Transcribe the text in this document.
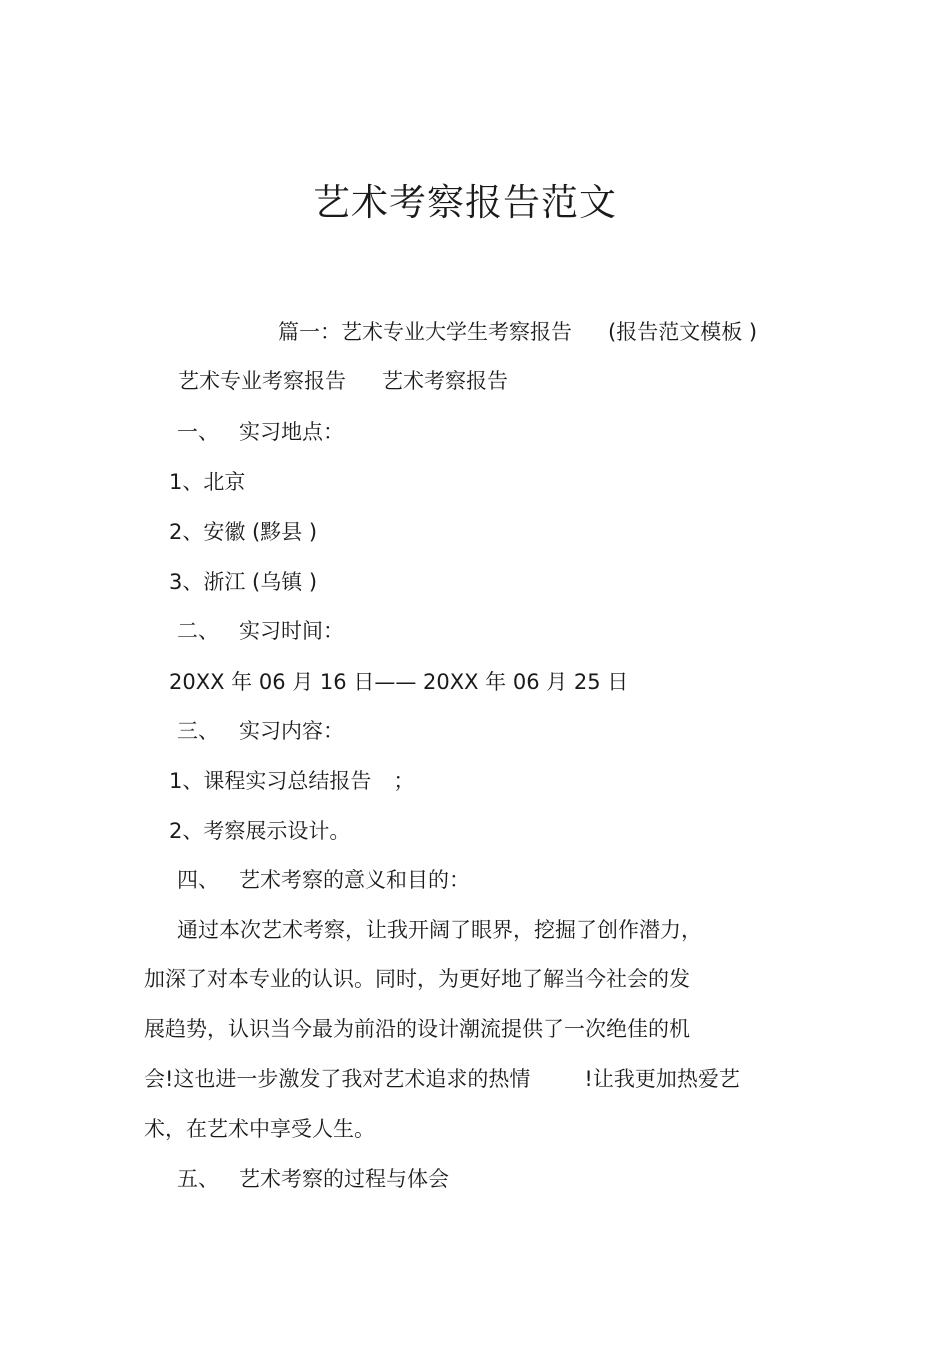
艺术考察报告范文
篇一：艺术专业大学生考察报告 (报告范文模板 )
艺术专业考察报告 艺术考察报告
一、 实习地点：
1、北京
2、安徽 (黟县 )
3、浙江 (乌镇 )
二、 实习时间：
20XX 年 06 月 16 日—— 20XX 年 06 月 25 日
三、 实习内容：
1、课程实习总结报告 ；
2、考察展示设计。
四、 艺术考察的意义和目的：
通过本次艺术考察，让我开阔了眼界，挖掘了创作潜力，
加深了对本专业的认识。同时，为更好地了解当今社会的发
展趋势，认识当今最为前沿的设计潮流提供了一次绝佳的机
会!这也进一步激发了我对艺术追求的热情	!让我更加热爱艺
术，在艺术中享受人生。
五、 艺术考察的过程与体会
